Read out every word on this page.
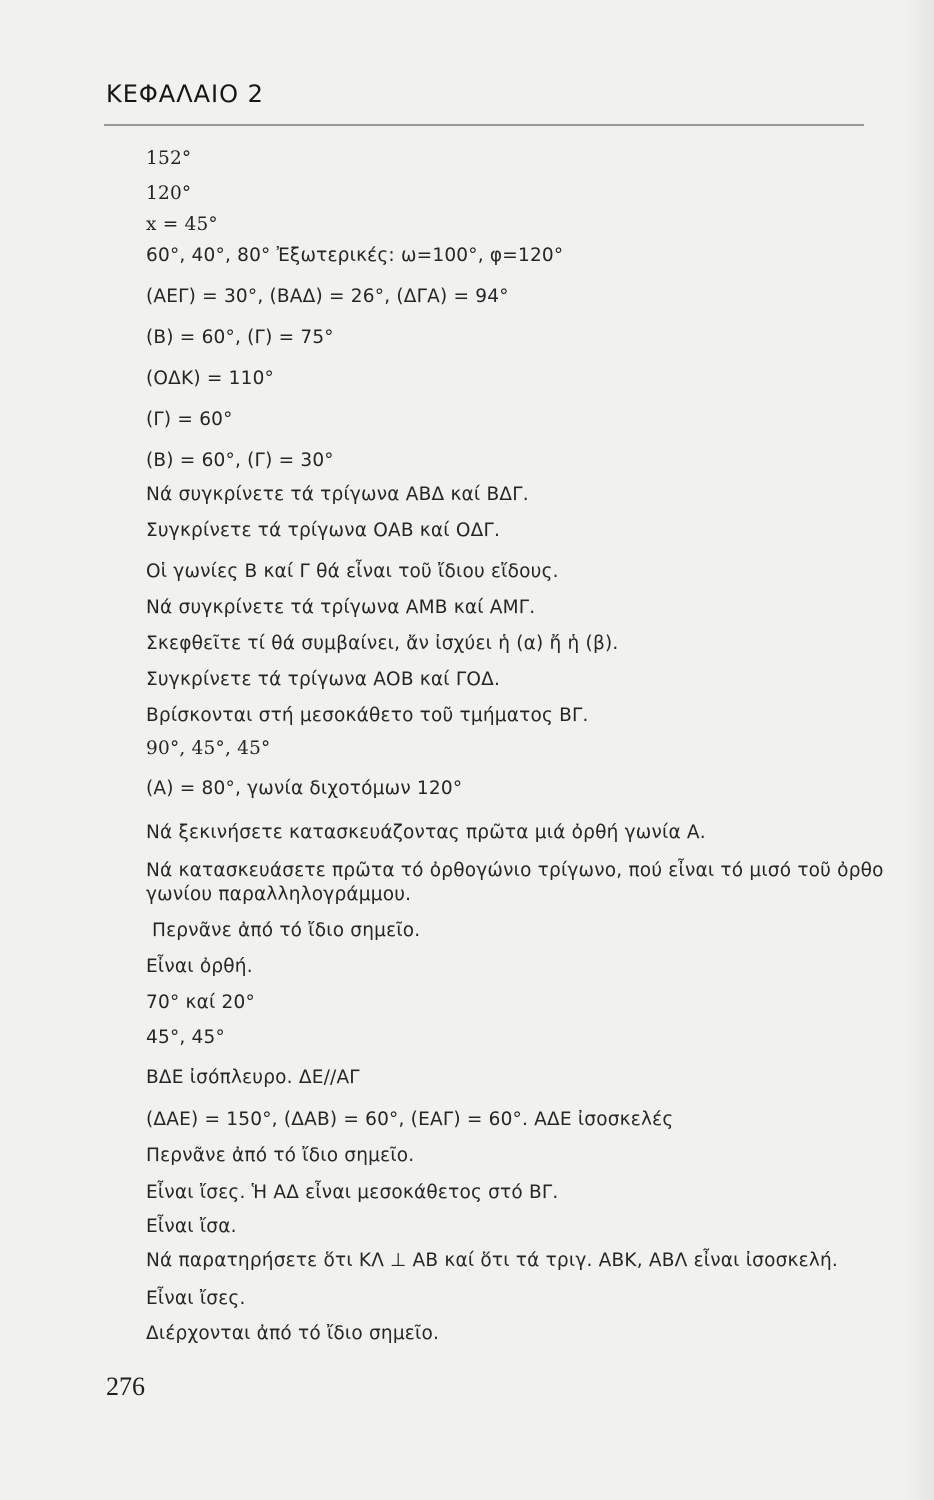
ΚΕΦΑΛΑΙΟ 2
152°
120°
x = 45°
60°, 40°, 80° Ἐξωτερικές: ω=100°, φ=120°
(ΑΕΓ) = 30°, (ΒΑΔ) = 26°, (ΔΓΑ) = 94°
(Β) = 60°, (Γ) = 75°
(ΟΔΚ) = 110°
(Γ) = 60°
(Β) = 60°, (Γ) = 30°
Νά συγκρίνετε τά τρίγωνα ΑΒΔ καί ΒΔΓ.
Συγκρίνετε τά τρίγωνα ΟΑΒ καί ΟΔΓ.
Οἱ γωνίες Β καί Γ θά εἶναι τοῦ ἴδιου εἴδους.
Νά συγκρίνετε τά τρίγωνα ΑΜΒ καί ΑΜΓ.
Σκεφθεῖτε τί θά συμβαίνει, ἄν ἰσχύει ἡ (α) ἤ ἡ (β).
Συγκρίνετε τά τρίγωνα ΑΟΒ καί ΓΟΔ.
Βρίσκονται στή μεσοκάθετο τοῦ τμήματος ΒΓ.
90°, 45°, 45°
(Α) = 80°, γωνία διχοτόμων 120°
Νά ξεκινήσετε κατασκευάζοντας πρῶτα μιά ὀρθή γωνία Α.
Νά κατασκευάσετε πρῶτα τό ὀρθογώνιο τρίγωνο, πού εἶναι τό μισό τοῦ ὀρθο
γωνίου παραλληλογράμμου.
Περνᾶνε ἀπό τό ἴδιο σημεῖο.
Εἶναι ὀρθή.
70° καί 20°
45°, 45°
ΒΔΕ ἰσόπλευρο. ΔΕ//ΑΓ
(ΔΑΕ) = 150°, (ΔΑΒ) = 60°, (ΕΑΓ) = 60°. ΑΔΕ ἰσοσκελές
Περνᾶνε ἀπό τό ἴδιο σημεῖο.
Εἶναι ἴσες. Ἡ ΑΔ εἶναι μεσοκάθετος στό ΒΓ.
Εἶναι ἴσα.
Νά παρατηρήσετε ὅτι ΚΛ ⊥ ΑΒ καί ὅτι τά τριγ. ΑΒΚ, ΑΒΛ εἶναι ἰσοσκελή.
Εἶναι ἴσες.
Διέρχονται ἀπό τό ἴδιο σημεῖο.
276
